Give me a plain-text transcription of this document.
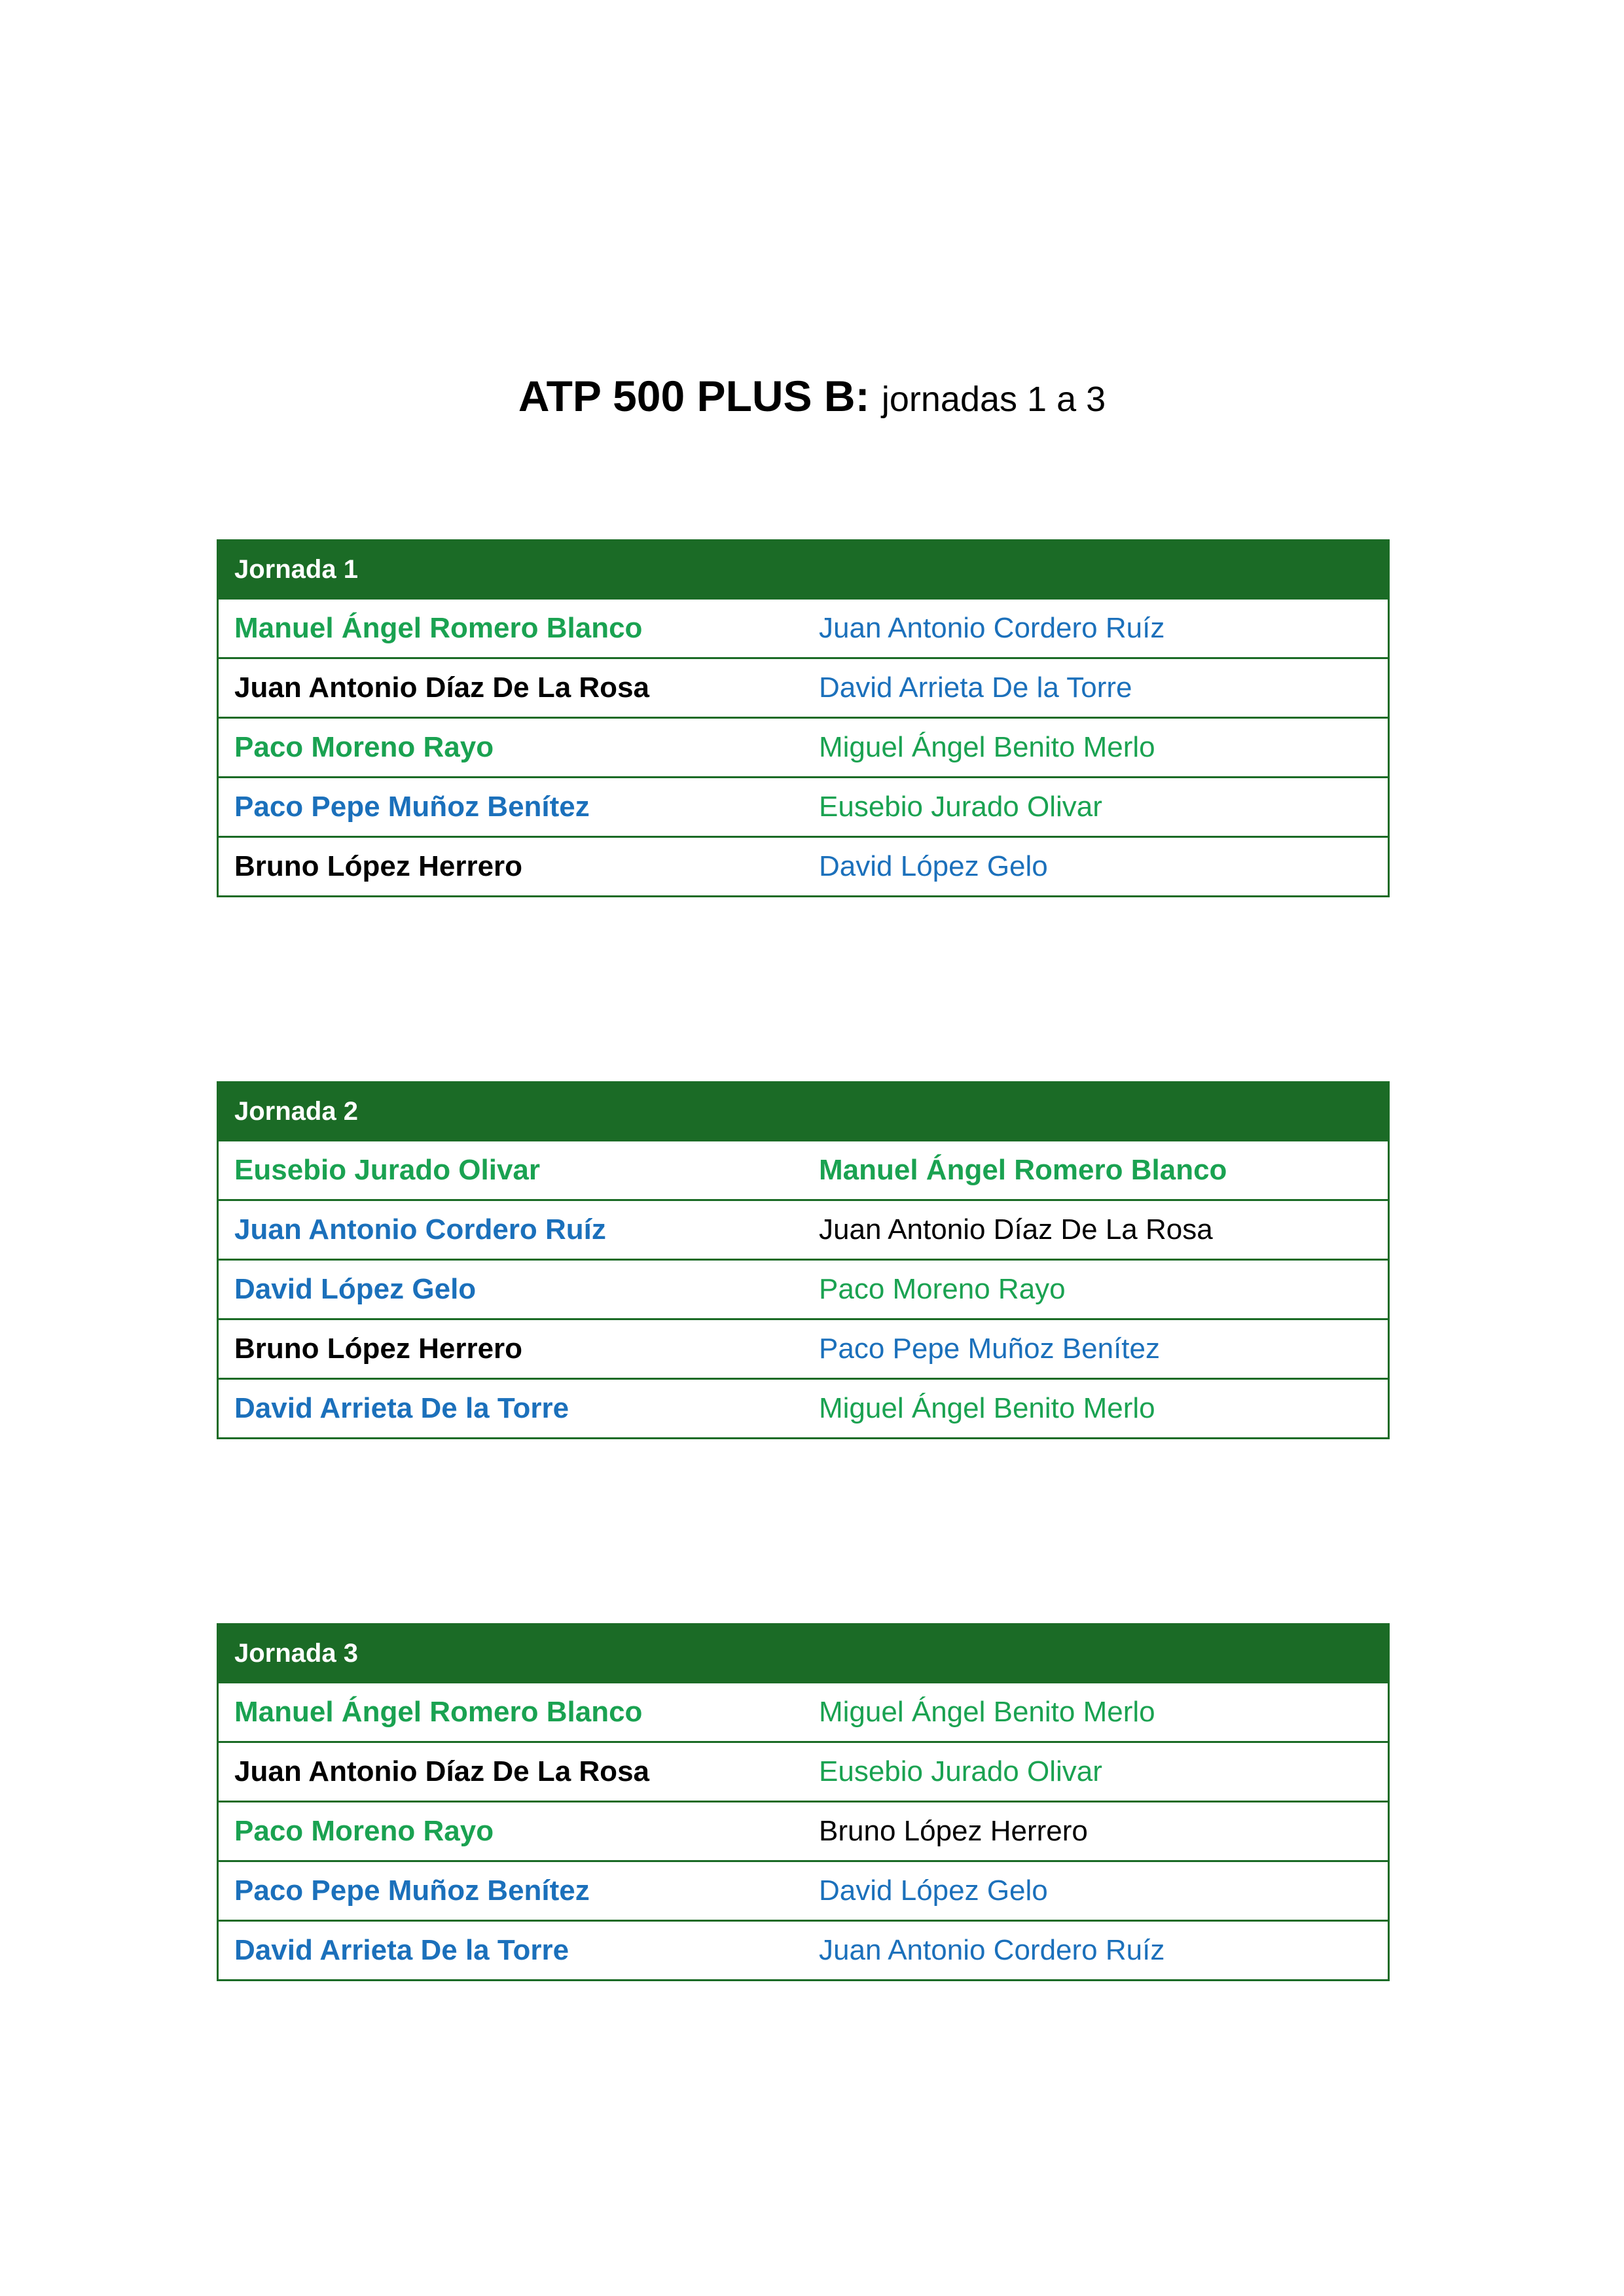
ATP 500 PLUS B: jornadas 1 a 3
Jornada 1	
Manuel Ángel Romero Blanco	Juan Antonio Cordero Ruíz
Juan Antonio Díaz De La Rosa	David Arrieta De la Torre
Paco Moreno Rayo	Miguel Ángel Benito Merlo
Paco Pepe Muñoz Benítez	Eusebio Jurado Olivar
Bruno López Herrero	David López Gelo
Jornada 2	
Eusebio Jurado Olivar	Manuel Ángel Romero Blanco
Juan Antonio Cordero Ruíz	Juan Antonio Díaz De La Rosa
David López Gelo	Paco Moreno Rayo
Bruno López Herrero	Paco Pepe Muñoz Benítez
David Arrieta De la Torre	Miguel Ángel Benito Merlo
Jornada 3	
Manuel Ángel Romero Blanco	Miguel Ángel Benito Merlo
Juan Antonio Díaz De La Rosa	Eusebio Jurado Olivar
Paco Moreno Rayo	Bruno López Herrero
Paco Pepe Muñoz Benítez	David López Gelo
David Arrieta De la Torre	Juan Antonio Cordero Ruíz
